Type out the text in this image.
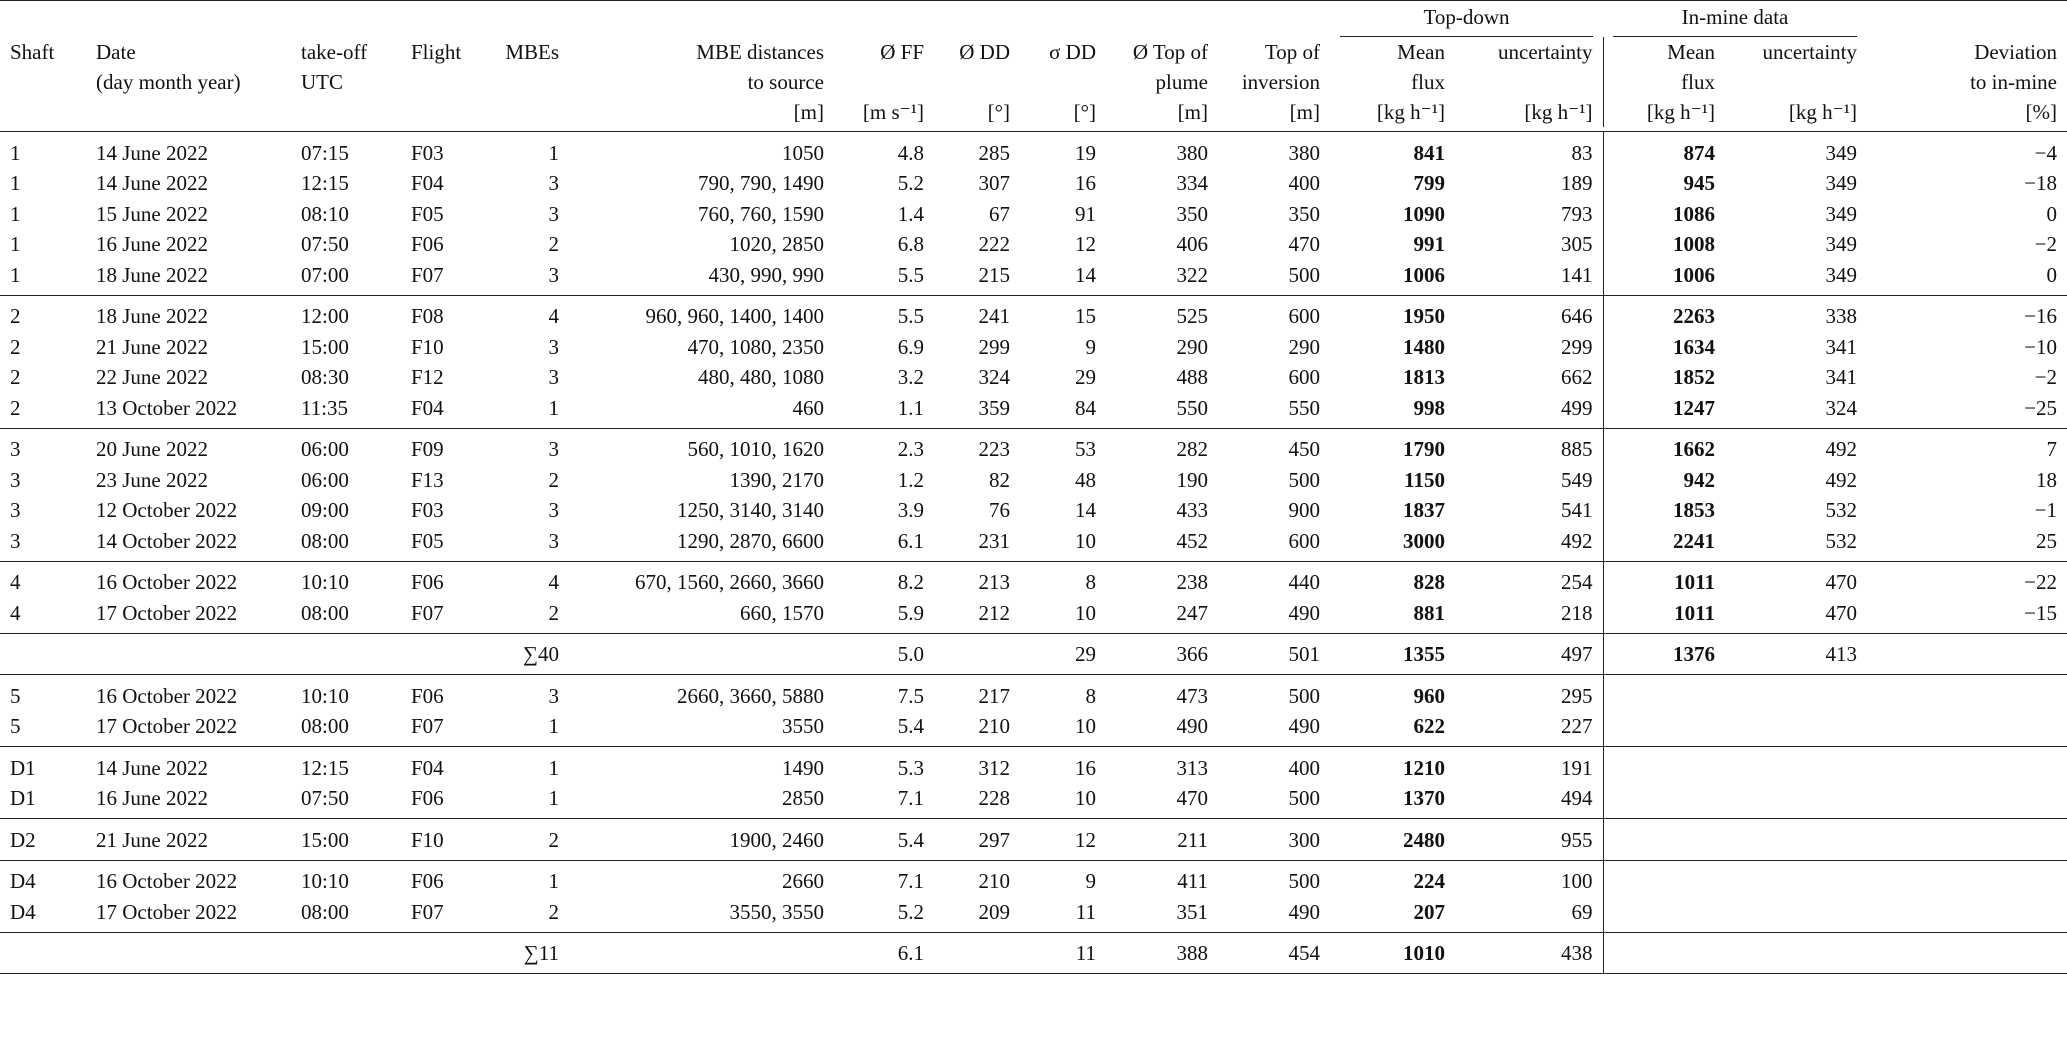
											Top-down		In-mine data		

Shaft	Date	take-off	Flight	MBEs	MBE distances	Ø FF	Ø DD	σ DD	Ø Top of	Top of	Mean	uncertainty	Mean	uncertainty	Deviation
	(day month year)	UTC			to source				plume	inversion	flux		flux		to in-mine
					[m]	[m s⁻¹]	[°]	[°]	[m]	[m]	[kg h⁻¹]	[kg h⁻¹]	[kg h⁻¹]	[kg h⁻¹]	[%]

1	14 June 2022	07:15	F03	1	1050	4.8	285	19	380	380	841	83	874	349	−4
1	14 June 2022	12:15	F04	3	790, 790, 1490	5.2	307	16	334	400	799	189	945	349	−18
1	15 June 2022	08:10	F05	3	760, 760, 1590	1.4	67	91	350	350	1090	793	1086	349	0
1	16 June 2022	07:50	F06	2	1020, 2850	6.8	222	12	406	470	991	305	1008	349	−2
1	18 June 2022	07:00	F07	3	430, 990, 990	5.5	215	14	322	500	1006	141	1006	349	0
2	18 June 2022	12:00	F08	4	960, 960, 1400, 1400	5.5	241	15	525	600	1950	646	2263	338	−16
2	21 June 2022	15:00	F10	3	470, 1080, 2350	6.9	299	9	290	290	1480	299	1634	341	−10
2	22 June 2022	08:30	F12	3	480, 480, 1080	3.2	324	29	488	600	1813	662	1852	341	−2
2	13 October 2022	11:35	F04	1	460	1.1	359	84	550	550	998	499	1247	324	−25
3	20 June 2022	06:00	F09	3	560, 1010, 1620	2.3	223	53	282	450	1790	885	1662	492	7
3	23 June 2022	06:00	F13	2	1390, 2170	1.2	82	48	190	500	1150	549	942	492	18
3	12 October 2022	09:00	F03	3	1250, 3140, 3140	3.9	76	14	433	900	1837	541	1853	532	−1
3	14 October 2022	08:00	F05	3	1290, 2870, 6600	6.1	231	10	452	600	3000	492	2241	532	25
4	16 October 2022	10:10	F06	4	670, 1560, 2660, 3660	8.2	213	8	238	440	828	254	1011	470	−22
4	17 October 2022	08:00	F07	2	660, 1570	5.9	212	10	247	490	881	218	1011	470	−15
				∑40		5.0		29	366	501	1355	497	1376	413	
5	16 October 2022	10:10	F06	3	2660, 3660, 5880	7.5	217	8	473	500	960	295			
5	17 October 2022	08:00	F07	1	3550	5.4	210	10	490	490	622	227			
D1	14 June 2022	12:15	F04	1	1490	5.3	312	16	313	400	1210	191			
D1	16 June 2022	07:50	F06	1	2850	7.1	228	10	470	500	1370	494			
D2	21 June 2022	15:00	F10	2	1900, 2460	5.4	297	12	211	300	2480	955			
D4	16 October 2022	10:10	F06	1	2660	7.1	210	9	411	500	224	100			
D4	17 October 2022	08:00	F07	2	3550, 3550	5.2	209	11	351	490	207	69			
				∑11		6.1		11	388	454	1010	438			
